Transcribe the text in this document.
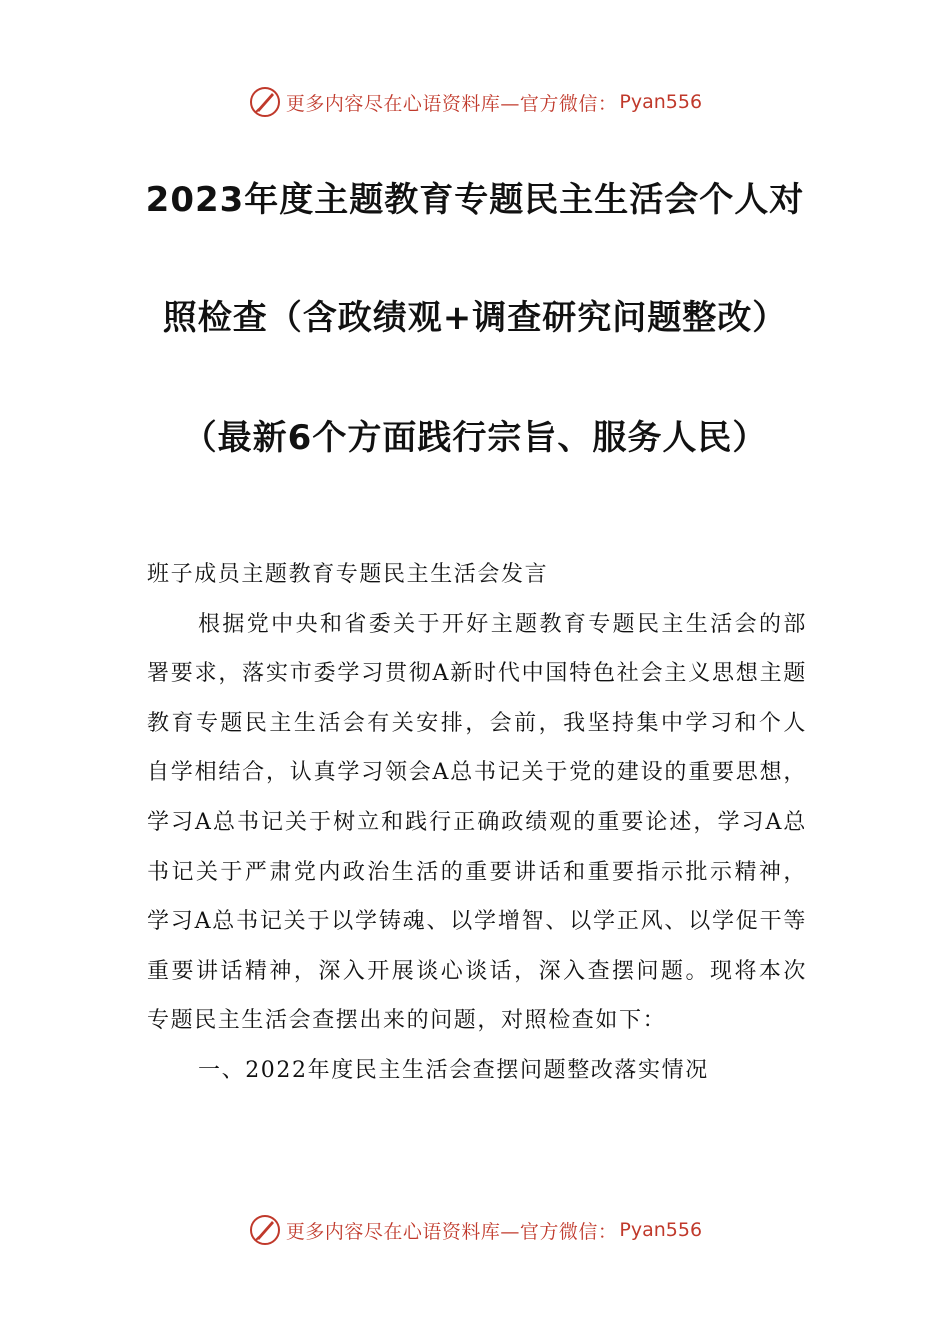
更多内容尽在心语资料库—官方微信： Pyan556
2023年度主题教育专题民主生活会个人对
照检查（含政绩观+调查研究问题整改）
（最新6个方面践行宗旨、服务人民）

班子成员主题教育专题民主生活会发言

根据党中央和省委关于开好主题教育专题民主生活会的部署要求，落实市委学习贯彻A新时代中国特色社会主义思想主题教育专题民主生活会有关安排，会前，我坚持集中学习和个人自学相结合，认真学习领会A总书记关于党的建设的重要思想，学习A总书记关于树立和践行正确政绩观的重要论述，学习A总书记关于严肃党内政治生活的重要讲话和重要指示批示精神，学习A总书记关于以学铸魂、以学增智、以学正风、以学促干等重要讲话精神，深入开展谈心谈话，深入查摆问题。现将本次专题民主生活会查摆出来的问题，对照检查如下：

一、2022年度民主生活会查摆问题整改落实情况

更多内容尽在心语资料库—官方微信： Pyan556
